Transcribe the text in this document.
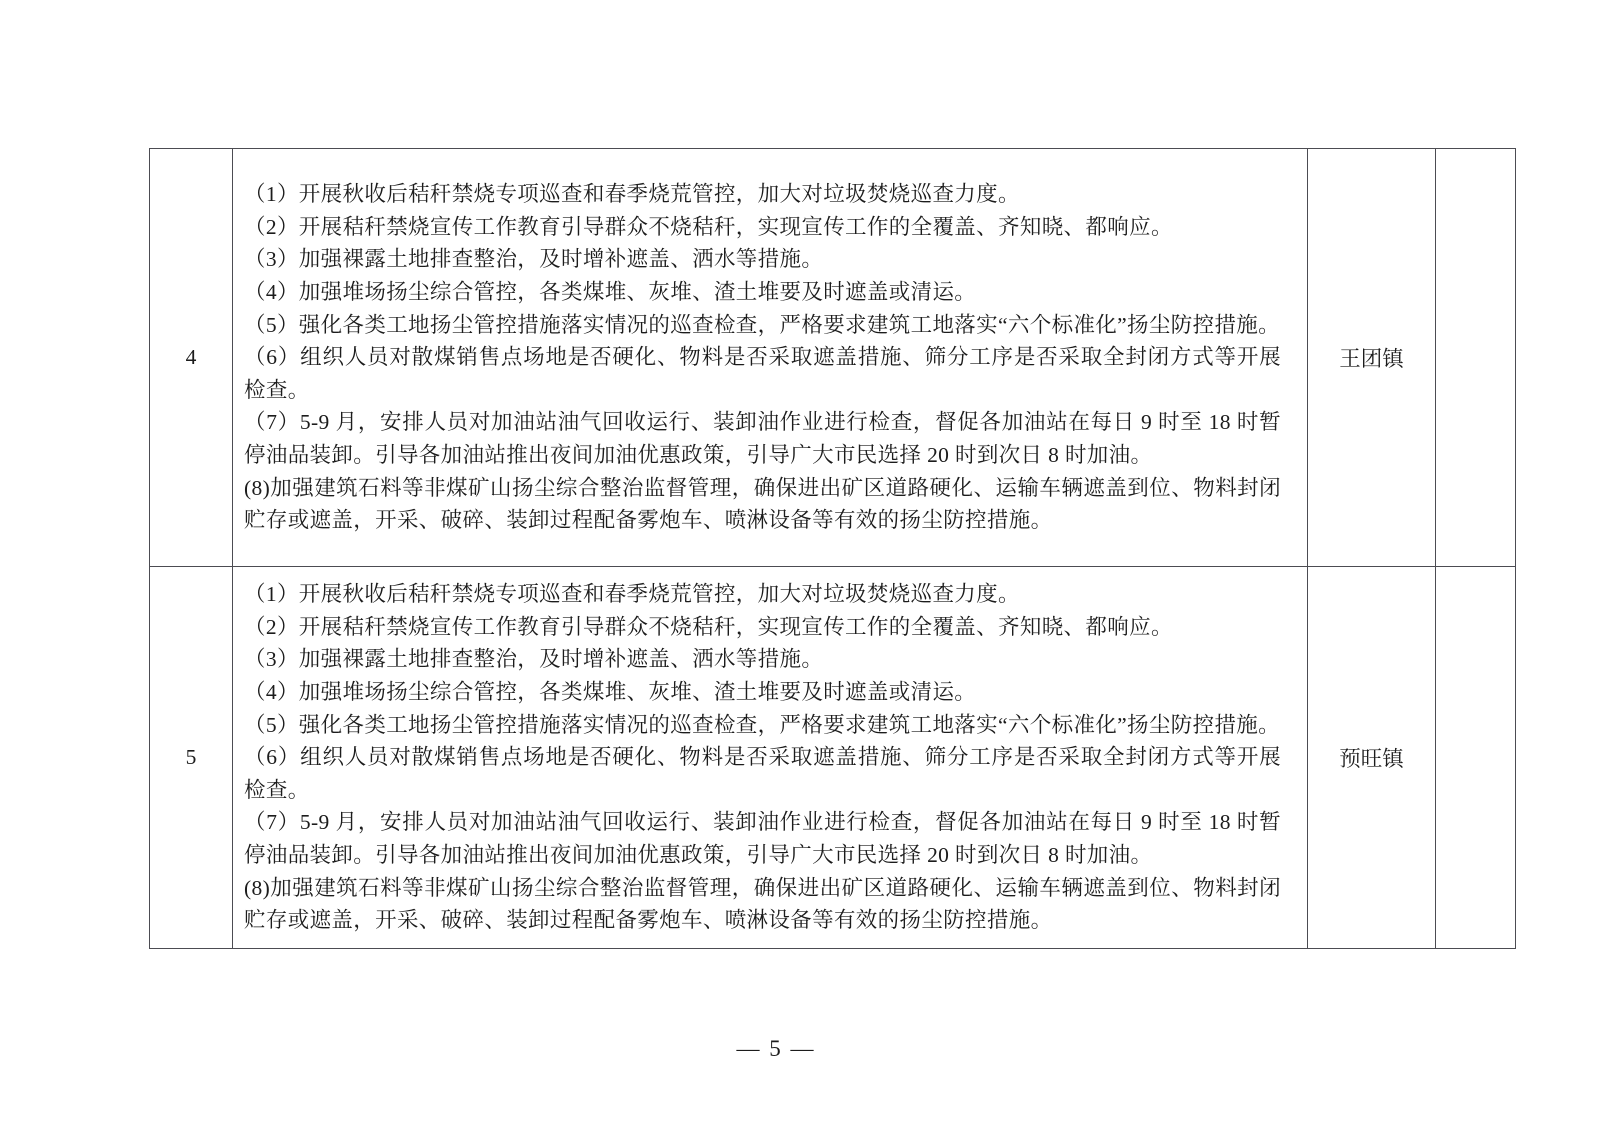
4

（1）开展秋收后秸秆禁烧专项巡查和春季烧荒管控，加大对垃圾焚烧巡查力度。

（2）开展秸秆禁烧宣传工作教育引导群众不烧秸秆，实现宣传工作的全覆盖、齐知晓、都响应。

（3）加强裸露土地排查整治，及时增补遮盖、洒水等措施。

（4）加强堆场扬尘综合管控，各类煤堆、灰堆、渣土堆要及时遮盖或清运。

（5）强化各类工地扬尘管控措施落实情况的巡查检查，严格要求建筑工地落实“六个标准化”扬尘防控措施。

（6）组织人员对散煤销售点场地是否硬化、物料是否采取遮盖措施、筛分工序是否采取全封闭方式等开展检查。

（7）5-9 月，安排人员对加油站油气回收运行、装卸油作业进行检查，督促各加油站在每日 9 时至 18 时暂停油品装卸。引导各加油站推出夜间加油优惠政策，引导广大市民选择 20 时到次日 8 时加油。

(8)加强建筑石料等非煤矿山扬尘综合整治监督管理，确保进出矿区道路硬化、运输车辆遮盖到位、物料封闭贮存或遮盖，开采、破碎、装卸过程配备雾炮车、喷淋设备等有效的扬尘防控措施。

王团镇
5

（1）开展秋收后秸秆禁烧专项巡查和春季烧荒管控，加大对垃圾焚烧巡查力度。

（2）开展秸秆禁烧宣传工作教育引导群众不烧秸秆，实现宣传工作的全覆盖、齐知晓、都响应。

（3）加强裸露土地排查整治，及时增补遮盖、洒水等措施。

（4）加强堆场扬尘综合管控，各类煤堆、灰堆、渣土堆要及时遮盖或清运。

（5）强化各类工地扬尘管控措施落实情况的巡查检查，严格要求建筑工地落实“六个标准化”扬尘防控措施。

（6）组织人员对散煤销售点场地是否硬化、物料是否采取遮盖措施、筛分工序是否采取全封闭方式等开展检查。

（7）5-9 月，安排人员对加油站油气回收运行、装卸油作业进行检查，督促各加油站在每日 9 时至 18 时暂停油品装卸。引导各加油站推出夜间加油优惠政策，引导广大市民选择 20 时到次日 8 时加油。

(8)加强建筑石料等非煤矿山扬尘综合整治监督管理，确保进出矿区道路硬化、运输车辆遮盖到位、物料封闭贮存或遮盖，开采、破碎、装卸过程配备雾炮车、喷淋设备等有效的扬尘防控措施。

预旺镇
— 5 —
